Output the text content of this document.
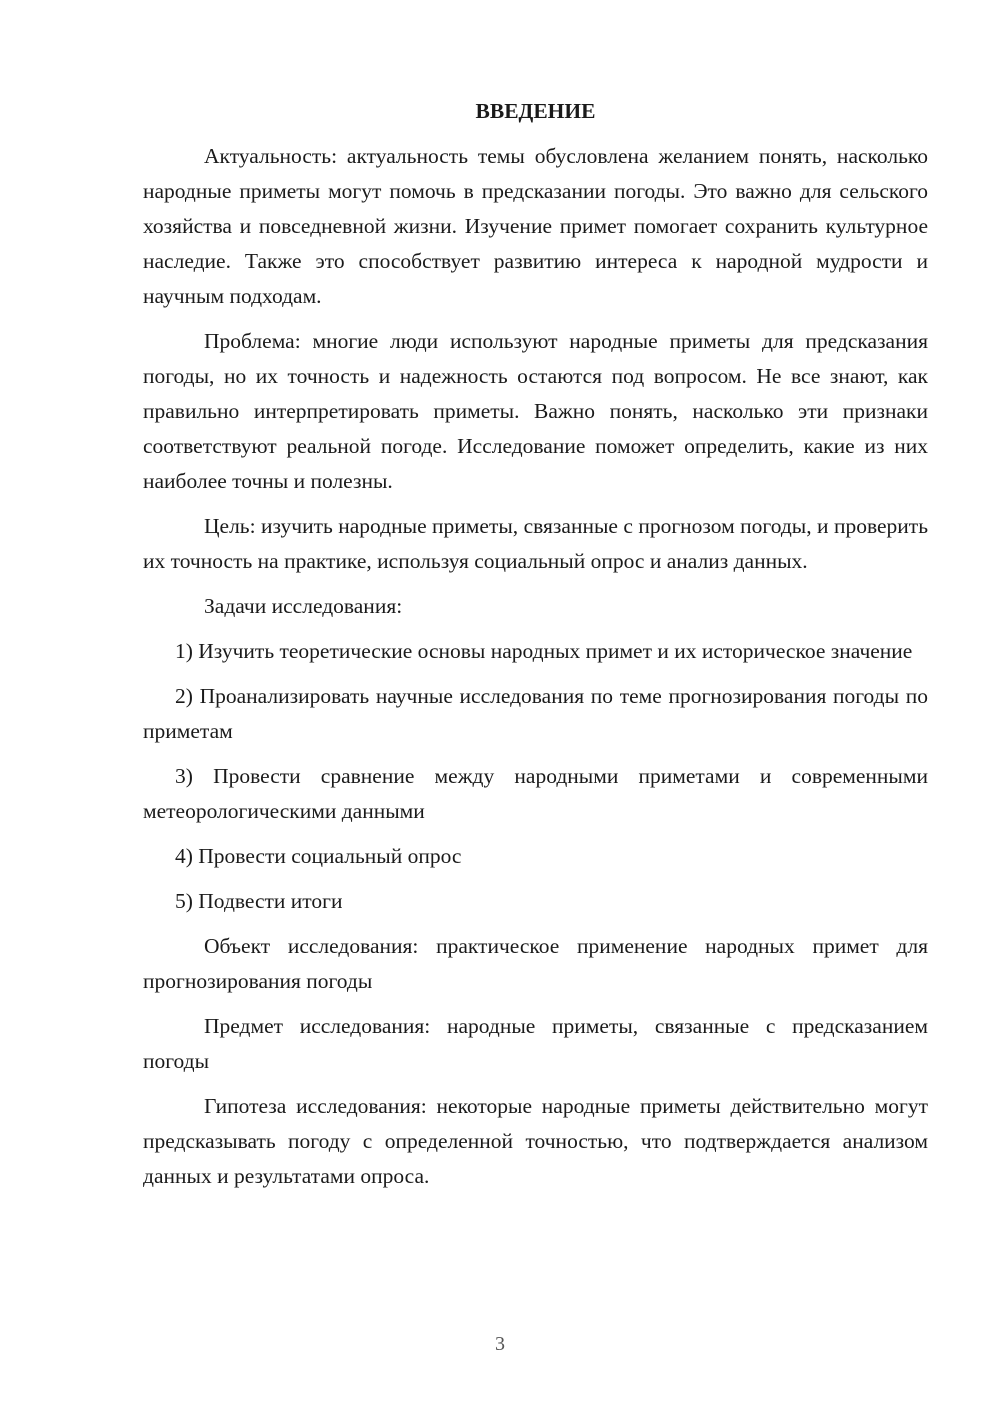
ВВЕДЕНИЕ

Актуальность: актуальность темы обусловлена желанием понять, насколько народные приметы могут помочь в предсказании погоды. Это важно для сельского хозяйства и повседневной жизни. Изучение примет помогает сохранить культурное наследие. Также это способствует развитию интереса к народной мудрости и научным подходам.

Проблема: многие люди используют народные приметы для предсказания погоды, но их точность и надежность остаются под вопросом. Не все знают, как правильно интерпретировать приметы. Важно понять, насколько эти признаки соответствуют реальной погоде. Исследование поможет определить, какие из них наиболее точны и полезны.

Цель: изучить народные приметы, связанные с прогнозом погоды, и проверить их точность на практике, используя социальный опрос и анализ данных.

Задачи исследования:

1) Изучить теоретические основы народных примет и их историческое значение

2) Проанализировать научные исследования по теме прогнозирования погоды по приметам

3) Провести сравнение между народными приметами и современными метеорологическими данными

4) Провести социальный опрос

5) Подвести итоги

Объект исследования: практическое применение народных примет для прогнозирования погоды

Предмет исследования: народные приметы, связанные с предсказанием погоды

Гипотеза исследования: некоторые народные приметы действительно могут предсказывать погоду с определенной точностью, что подтверждается анализом данных и результатами опроса.

3
